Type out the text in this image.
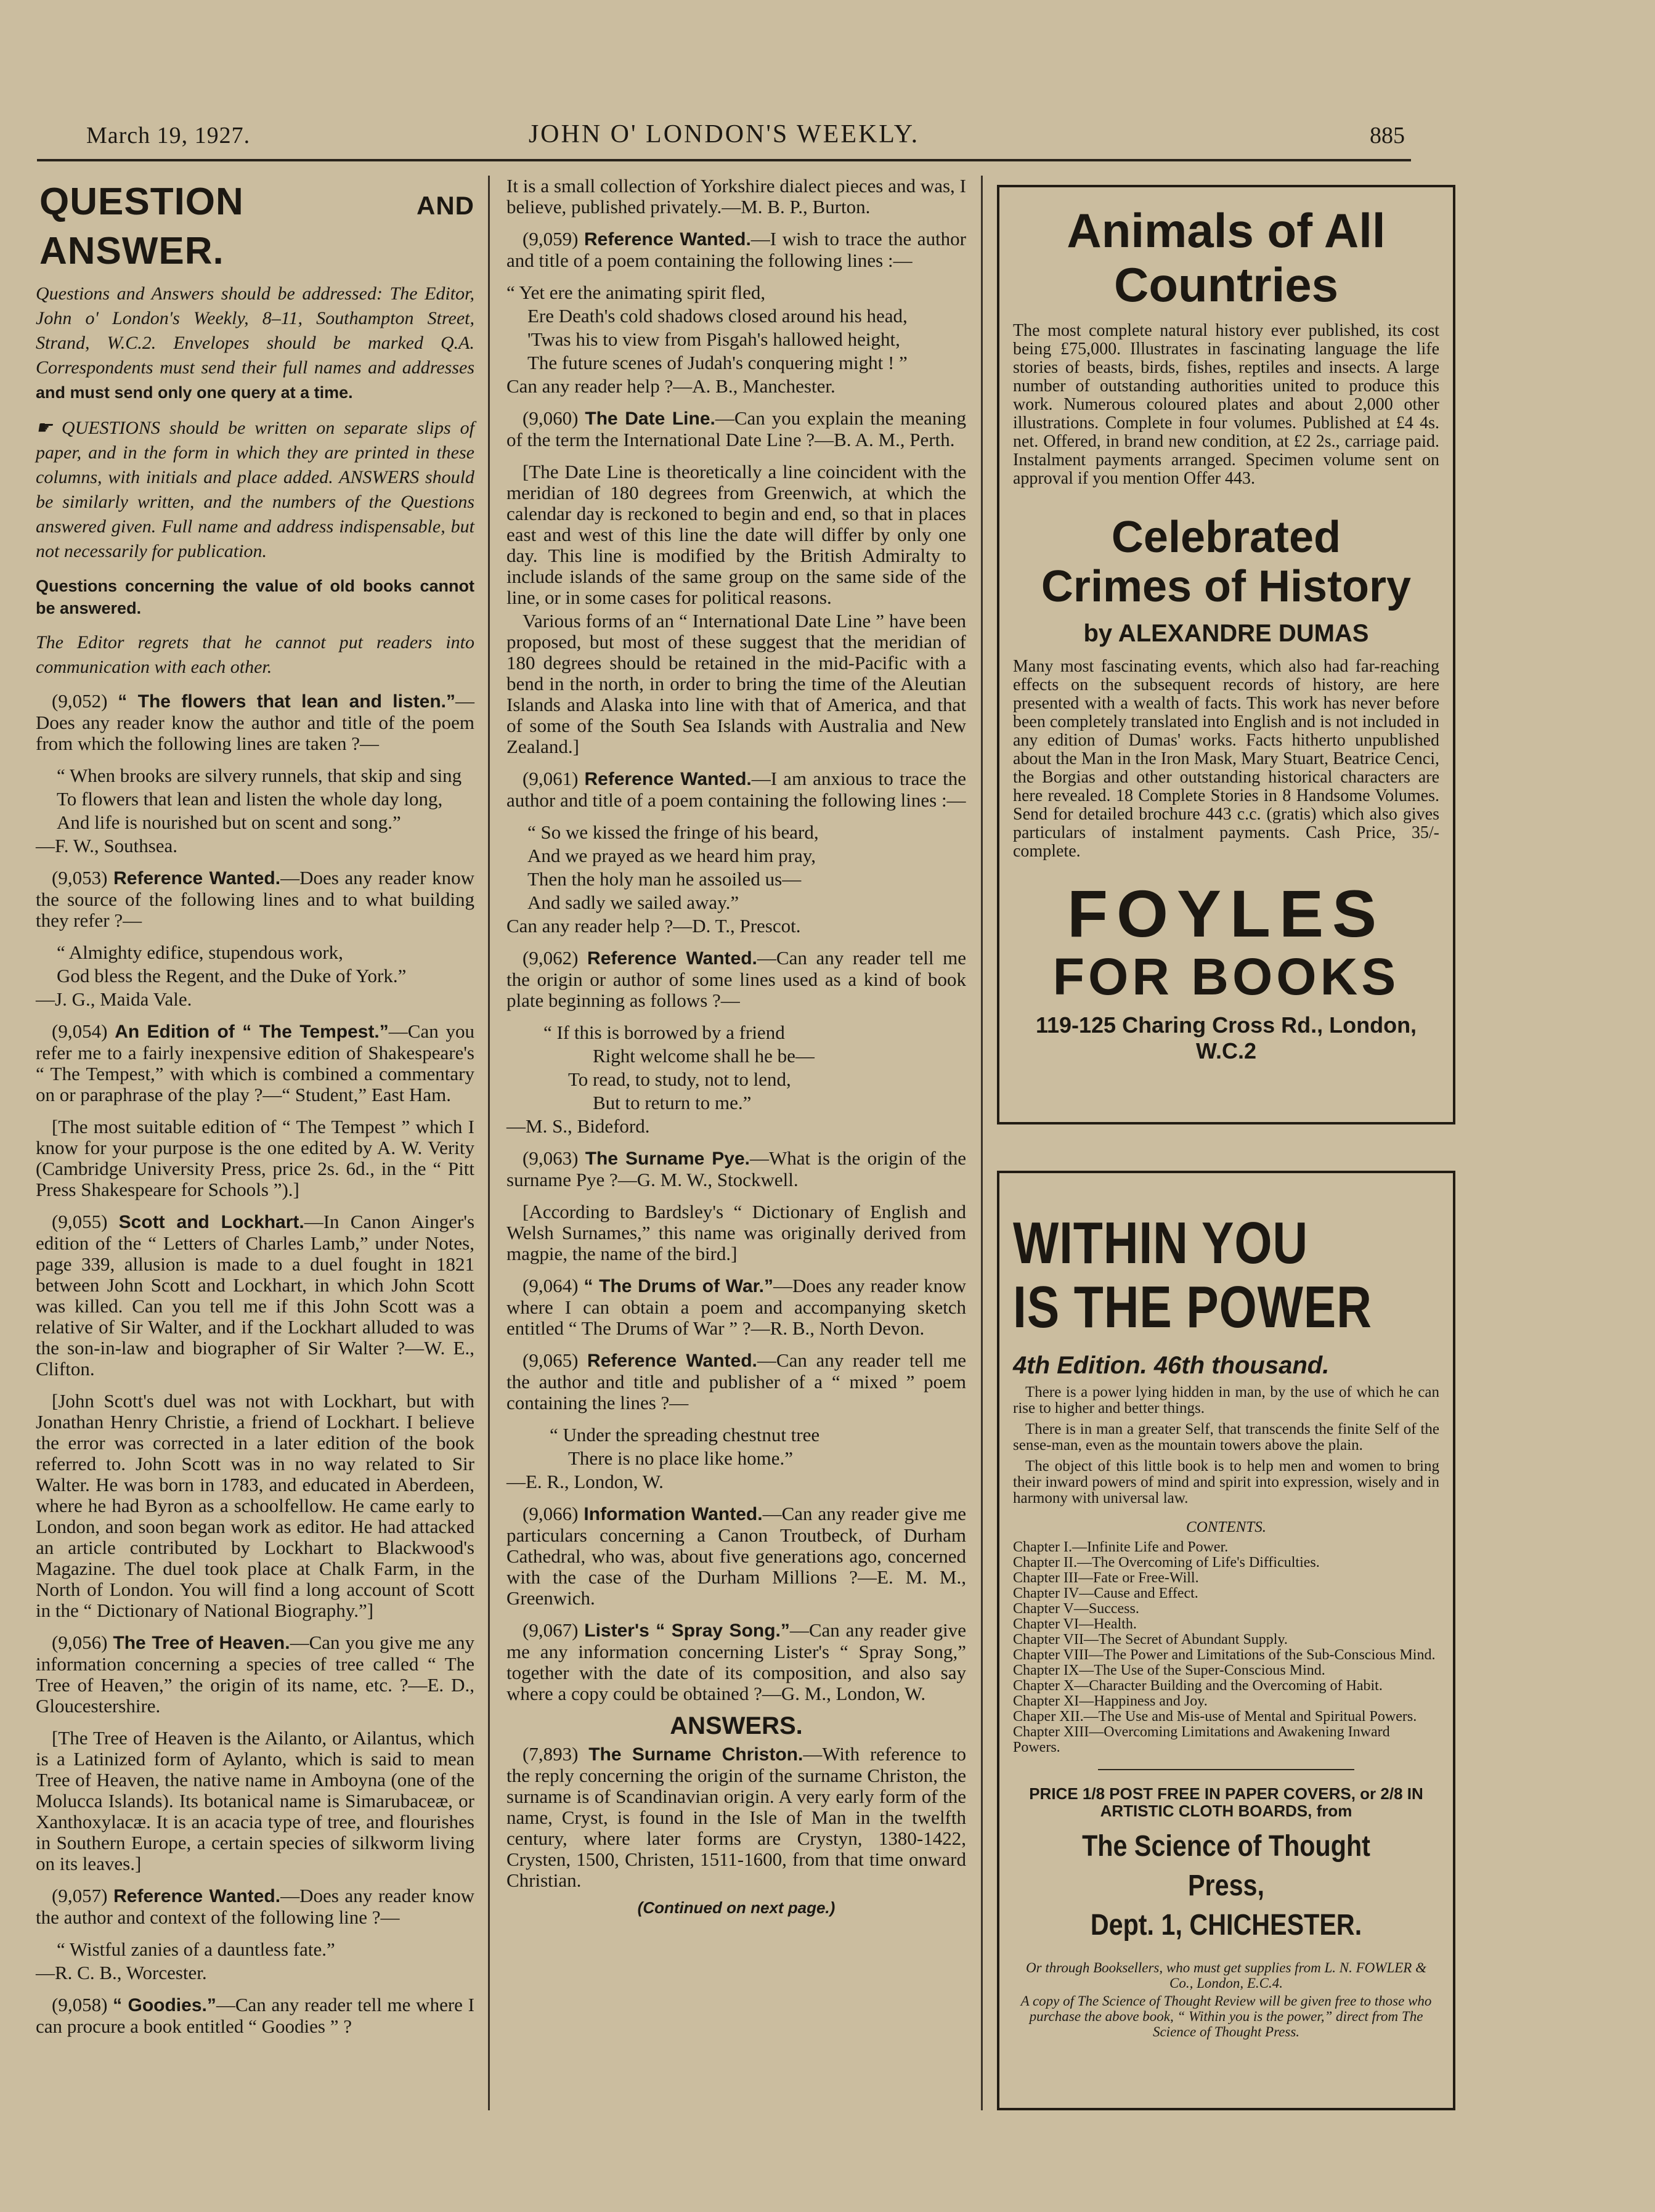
March 19, 1927.	JOHN O' LONDON'S WEEKLY.	885
QUESTION	AND ANSWER.

Questions and Answers should be addressed: The Editor, John o' London's Weekly, 8–11, Southampton Street, Strand, W.C.2. Envelopes should be marked Q.A. Correspondents must send their full names and addresses and must send only one query at a time.

☛ QUESTIONS should be written on separate slips of paper, and in the form in which they are printed in these columns, with initials and place added. ANSWERS should be similarly written, and the numbers of the Questions answered given. Full name and address indispensable, but not necessarily for publication.

Questions concerning the value of old books cannot be answered.

The Editor regrets that he cannot put readers into communication with each other.

(9,052) “ The flowers that lean and listen.”—Does any reader know the author and title of the poem from which the following lines are taken ?—

“ When brooks are silvery runnels, that skip and sing
To flowers that lean and listen the whole day long,
And life is nourished but on scent and song.”

—F. W., Southsea.

(9,053) Reference Wanted.—Does any reader know the source of the following lines and to what building they refer ?—

“ Almighty edifice, stupendous work,
God bless the Regent, and the Duke of York.”

—J. G., Maida Vale.

(9,054) An Edition of “ The Tempest.”—Can you refer me to a fairly inexpensive edition of Shakespeare's “ The Tempest,” with which is combined a commentary on or paraphrase of the play ?—“ Student,” East Ham.

[The most suitable edition of “ The Tempest ” which I know for your purpose is the one edited by A. W. Verity (Cambridge University Press, price 2s. 6d., in the “ Pitt Press Shakespeare for Schools ”).]

(9,055) Scott and Lockhart.—In Canon Ainger's edition of the “ Letters of Charles Lamb,” under Notes, page 339, allusion is made to a duel fought in 1821 between John Scott and Lockhart, in which John Scott was killed. Can you tell me if this John Scott was a relative of Sir Walter, and if the Lockhart alluded to was the son-in-law and biographer of Sir Walter ?—W. E., Clifton.

[John Scott's duel was not with Lockhart, but with Jonathan Henry Christie, a friend of Lockhart. I believe the error was corrected in a later edition of the book referred to. John Scott was in no way related to Sir Walter. He was born in 1783, and educated in Aberdeen, where he had Byron as a schoolfellow. He came early to London, and soon began work as editor. He had attacked an article contributed by Lockhart to Blackwood's Magazine. The duel took place at Chalk Farm, in the North of London. You will find a long account of Scott in the “ Dictionary of National Biography.”]

(9,056) The Tree of Heaven.—Can you give me any information concerning a species of tree called “ The Tree of Heaven,” the origin of its name, etc. ?—E. D., Gloucestershire.

[The Tree of Heaven is the Ailanto, or Ailantus, which is a Latinized form of Aylanto, which is said to mean Tree of Heaven, the native name in Amboyna (one of the Molucca Islands). Its botanical name is Simarubaceæ, or Xanthoxylacæ. It is an acacia type of tree, and flourishes in Southern Europe, a certain species of silkworm living on its leaves.]

(9,057) Reference Wanted.—Does any reader know the author and context of the following line ?—

“ Wistful zanies of a dauntless fate.”

—R. C. B., Worcester.

(9,058) “ Goodies.”—Can any reader tell me where I can procure a book entitled “ Goodies ” ?

It is a small collection of Yorkshire dialect pieces and was, I believe, published privately.—M. B. P., Burton.

(9,059) Reference Wanted.—I wish to trace the author and title of a poem containing the following lines :—

“ Yet ere the animating spirit fled,
Ere Death's cold shadows closed around his head,
'Twas his to view from Pisgah's hallowed height,
The future scenes of Judah's conquering might ! ”

Can any reader help ?—A. B., Manchester.

(9,060) The Date Line.—Can you explain the meaning of the term the International Date Line ?—B. A. M., Perth.

[The Date Line is theoretically a line coincident with the meridian of 180 degrees from Greenwich, at which the calendar day is reckoned to begin and end, so that in places east and west of this line the date will differ by only one day. This line is modified by the British Admiralty to include islands of the same group on the same side of the line, or in some cases for political reasons.

Various forms of an “ International Date Line ” have been proposed, but most of these suggest that the meridian of 180 degrees should be retained in the mid-Pacific with a bend in the north, in order to bring the time of the Aleutian Islands and Alaska into line with that of America, and that of some of the South Sea Islands with Australia and New Zealand.]

(9,061) Reference Wanted.—I am anxious to trace the author and title of a poem containing the following lines :—

“ So we kissed the fringe of his beard,
And we prayed as we heard him pray,
Then the holy man he assoiled us—
And sadly we sailed away.”

Can any reader help ?—D. T., Prescot.

(9,062) Reference Wanted.—Can any reader tell me the origin or author of some lines used as a kind of book plate beginning as follows ?—

“ If this is borrowed by a friend
Right welcome shall he be—
To read, to study, not to lend,
But to return to me.”

—M. S., Bideford.

(9,063) The Surname Pye.—What is the origin of the surname Pye ?—G. M. W., Stockwell.

[According to Bardsley's “ Dictionary of English and Welsh Surnames,” this name was originally derived from magpie, the name of the bird.]

(9,064) “ The Drums of War.”—Does any reader know where I can obtain a poem and accompanying sketch entitled “ The Drums of War ” ?—R. B., North Devon.

(9,065) Reference Wanted.—Can any reader tell me the author and title and publisher of a “ mixed ” poem containing the lines ?—

“ Under the spreading chestnut tree
There is no place like home.”

—E. R., London, W.

(9,066) Information Wanted.—Can any reader give me particulars concerning a Canon Troutbeck, of Durham Cathedral, who was, about five generations ago, concerned with the case of the Durham Millions ?—E. M. M., Greenwich.

(9,067) Lister's “ Spray Song.”—Can any reader give me any information concerning Lister's “ Spray Song,” together with the date of its composition, and also say where a copy could be obtained ?—G. M., London, W.

ANSWERS.

(7,893) The Surname Christon.—With reference to the reply concerning the origin of the surname Christon, the surname is of Scandinavian origin. A very early form of the name, Cryst, is found in the Isle of Man in the twelfth century, where later forms are Crystyn, 1380-1422, Crysten, 1500, Christen, 1511-1600, from that time onward Christian.

(Continued on next page.)
Animals of All Countries

The most complete natural history ever published, its cost being £75,000. Illustrates in fascinating language the life stories of beasts, birds, fishes, reptiles and insects. A large number of outstanding authorities united to produce this work. Numerous coloured plates and about 2,000 other illustrations. Complete in four volumes. Published at £4 4s. net. Offered, in brand new condition, at £2 2s., carriage paid. Instalment payments arranged. Specimen volume sent on approval if you mention Offer 443.

Celebrated
Crimes of History
by ALEXANDRE DUMAS

Many most fascinating events, which also had far-reaching effects on the subsequent records of history, are here presented with a wealth of facts. This work has never before been completely translated into English and is not included in any edition of Dumas' works. Facts hitherto unpublished about the Man in the Iron Mask, Mary Stuart, Beatrice Cenci, the Borgias and other outstanding historical characters are here revealed. 18 Complete Stories in 8 Handsome Volumes. Send for detailed brochure 443 c.c. (gratis) which also gives particulars of instalment payments. Cash Price, 35/- complete.

FOYLES
FOR BOOKS
119-125 Charing Cross Rd., London, W.C.2
WITHIN YOU
IS THE POWER
4th Edition. 46th thousand.

There is a power lying hidden in man, by the use of which he can rise to higher and better things.

There is in man a greater Self, that transcends the finite Self of the sense-man, even as the mountain towers above the plain.

The object of this little book is to help men and women to bring their inward powers of mind and spirit into expression, wisely and in harmony with universal law.

CONTENTS.

Chapter I.—Infinite Life and Power.

Chapter II.—The Overcoming of Life's Difficulties.

Chapter III—Fate or Free-Will.

Chapter IV—Cause and Effect.

Chapter V—Success.

Chapter VI—Health.

Chapter VII—The Secret of Abundant Supply.

Chapter VIII—The Power and Limitations of the Sub-Conscious Mind.

Chapter IX—The Use of the Super-Conscious Mind.

Chapter X—Character Building and the Overcoming of Habit.

Chapter XI—Happiness and Joy.

Chaper XII.—The Use and Mis-use of Mental and Spiritual Powers.

Chapter XIII—Overcoming Limitations and Awakening Inward Powers.

PRICE 1/8 POST FREE IN PAPER COVERS, or 2/8 IN ARTISTIC CLOTH BOARDS, from
The Science of Thought Press,
Dept. 1, CHICHESTER.
Or through Booksellers, who must get supplies from L. N. FOWLER & Co., London, E.C.4.
A copy of The Science of Thought Review will be given free to those who purchase the above book, “ Within you is the power,” direct from The Science of Thought Press.
